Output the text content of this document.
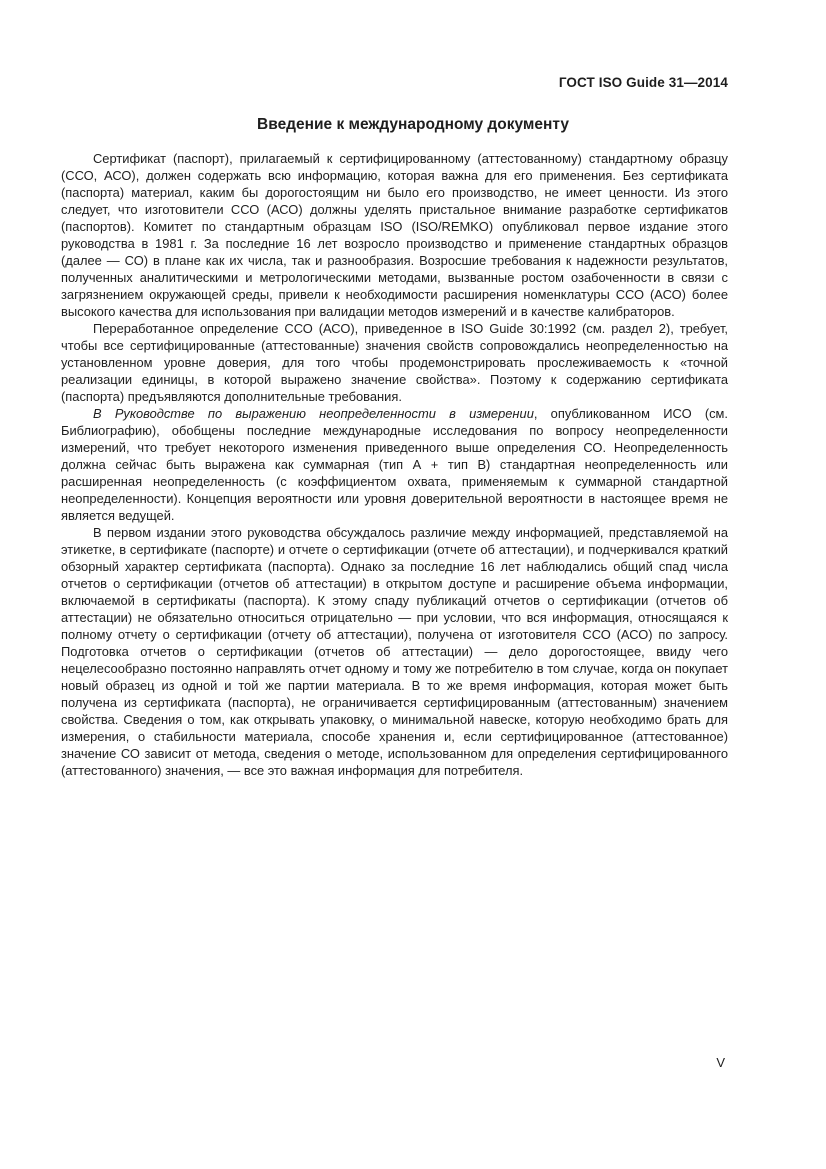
ГОСТ ISO Guide 31—2014
Введение к международному документу

Сертификат (паспорт), прилагаемый к сертифицированному (аттестованному) стандартному образцу (ССО, АСО), должен содержать всю информацию, которая важна для его применения. Без сертификата (паспорта) материал, каким бы дорогостоящим ни было его производство, не имеет ценности. Из этого следует, что изготовители ССО (АСО) должны уделять пристальное внимание разработке сертификатов (паспортов). Комитет по стандартным образцам ISO (ISO/REMKO) опубликовал первое издание этого руководства в 1981 г. За последние 16 лет возросло производство и применение стандартных образцов (далее — СО) в плане как их числа, так и разнообразия. Возросшие требования к надежности результатов, полученных аналитическими и метрологическими методами, вызванные ростом озабоченности в связи с загрязнением окружающей среды, привели к необходимости расширения номенклатуры ССО (АСО) более высокого качества для использования при валидации методов измерений и в качестве калибраторов.

Переработанное определение ССО (АСО), приведенное в ISO Guide 30:1992 (см. раздел 2), требует, чтобы все сертифицированные (аттестованные) значения свойств сопровождались неопределенностью на установленном уровне доверия, для того чтобы продемонстрировать прослеживаемость к «точной реализации единицы, в которой выражено значение свойства». Поэтому к содержанию сертификата (паспорта) предъявляются дополнительные требования.

В Руководстве по выражению неопределенности в измерении, опубликованном ИСО (см. Библиографию), обобщены последние международные исследования по вопросу неопределенности измерений, что требует некоторого изменения приведенного выше определения СО. Неопределенность должна сейчас быть выражена как суммарная (тип А + тип В) стандартная неопределенность или расширенная неопределенность (с коэффициентом охвата, применяемым к суммарной стандартной неопределенности). Концепция вероятности или уровня доверительной вероятности в настоящее время не является ведущей.

В первом издании этого руководства обсуждалось различие между информацией, представляемой на этикетке, в сертификате (паспорте) и отчете о сертификации (отчете об аттестации), и подчеркивался краткий обзорный характер сертификата (паспорта). Однако за последние 16 лет наблюдались общий спад числа отчетов о сертификации (отчетов об аттестации) в открытом доступе и расширение объема информации, включаемой в сертификаты (паспорта). К этому спаду публикаций отчетов о сертификации (отчетов об аттестации) не обязательно относиться отрицательно — при условии, что вся информация, относящаяся к полному отчету о сертификации (отчету об аттестации), получена от изготовителя ССО (АСО) по запросу. Подготовка отчетов о сертификации (отчетов об аттестации) — дело дорогостоящее, ввиду чего нецелесообразно постоянно направлять отчет одному и тому же потребителю в том случае, когда он покупает новый образец из одной и той же партии материала. В то же время информация, которая может быть получена из сертификата (паспорта), не ограничивается сертифицированным (аттестованным) значением свойства. Сведения о том, как открывать упаковку, о минимальной навеске, которую необходимо брать для измерения, о стабильности материала, способе хранения и, если сертифицированное (аттестованное) значение СО зависит от метода, сведения о методе, использованном для определения сертифицированного (аттестованного) значения, — все это важная информация для потребителя.

V
